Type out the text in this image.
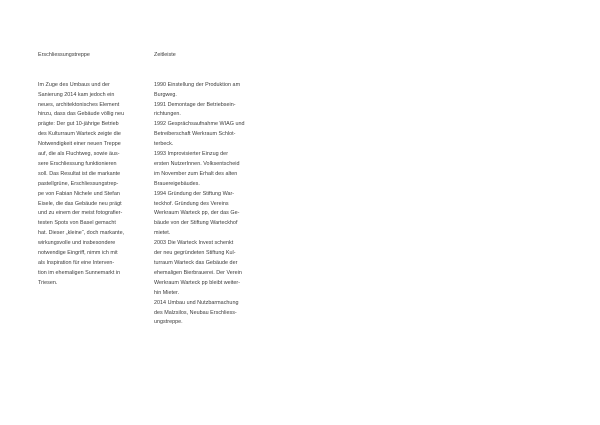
Erschliessungstreppe

Im Zuge des Umbaus und der
Sanierung 2014 kam jedoch ein
neues, architektonisches Element
hinzu, dass das Gebäude völlig neu
prägte: Der gut 10-jährige Betrieb
des Kulturraum Warteck zeigte die
Notwendigkeit einer neuen Treppe
auf, die als Fluchtweg, sowie äus-
sere Erschliessung funktionieren
soll. Das Resultat ist die markante
pastellgrüne, Erschliessungstrep-
pe von Fabian Nichele und Stefan
Eisele, die das Gebäude neu prägt
und zu einem der meist fotografier-
testen Spots von Basel gemacht
hat. Dieser „kleine“, doch markante,
wirkungsvolle und insbesondere
notwendige Eingriff, nimm ich mit
als Inspiration für eine Interven-
tion im ehemaligen Sunnemarkt in
Triesen.

Zeitleiste

1990 Einstellung der Produktion am
Burgweg.
1991 Demontage der Betriebsein-
richtungen.
1992 Gesprächsaufnahme WIAG und
Betreiberschaft Werkraum Schlot-
terbeck.
1993 Improvisierter Einzug der
ersten NutzerInnen. Volksentscheid
im November zum Erhalt des alten
Brauereigebäudes.
1994 Gründung der Stiftung War-
teckhof. Gründung des Vereins
Werkraum Warteck pp, der das Ge-
bäude von der Stiftung Warteckhof
mietet.
2003 Die Warteck Invest schenkt
der neu gegründeten Stiftung Kul-
turraum Warteck das Gebäude der
ehemaligen Bierbrauerei. Der Verein
Werkraum Warteck pp bleibt weiter-
hin Mieter.
2014 Umbau und Nutzbarmachung
des Malzsilos, Neubau Erschliess-
ungstreppe.
